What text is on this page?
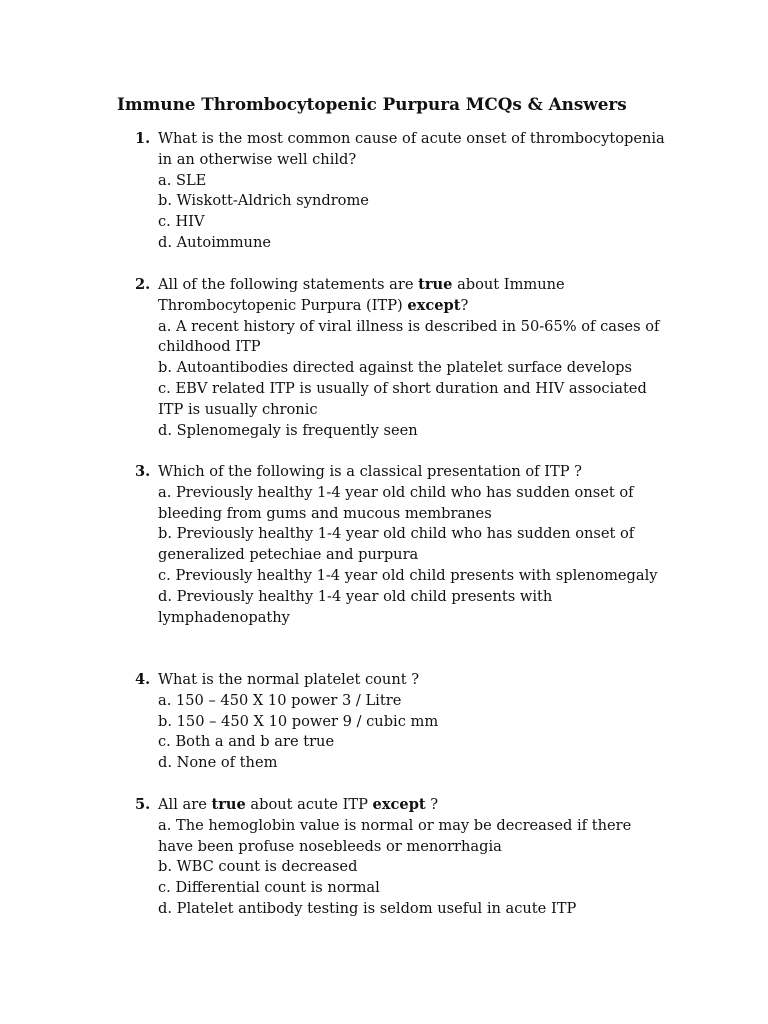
Immune Thrombocytopenic Purpura MCQs & Answers
1. What is the most common cause of acute onset of thrombocytopenia in an otherwise well child?
a. SLE
b. Wiskott-Aldrich syndrome
c. HIV
d. Autoimmune
2. All of the following statements are true about Immune Thrombocytopenic Purpura (ITP) except?
a. A recent history of viral illness is described in 50-65% of cases of childhood ITP
b. Autoantibodies directed against the platelet surface develops
c. EBV related ITP is usually of short duration and HIV associated ITP is usually chronic
d. Splenomegaly is frequently seen
3. Which of the following is a classical presentation of ITP ?
a. Previously healthy 1-4 year old child who has sudden onset of bleeding from gums and mucous membranes
b. Previously healthy 1-4 year old child who has sudden onset of generalized petechiae and purpura
c. Previously healthy 1-4 year old child presents with splenomegaly
d. Previously healthy 1-4 year old child presents with lymphadenopathy
4. What is the normal platelet count ?
a. 150 – 450 X 10 power 3 / Litre
b. 150 – 450 X 10 power 9 / cubic mm
c. Both a and b are true
d. None of them
5. All are true about acute ITP except ?
a. The hemoglobin value is normal or may be decreased if there have been profuse nosebleeds or menorrhagia
b. WBC count is decreased
c. Differential count is normal
d. Platelet antibody testing is seldom useful in acute ITP
